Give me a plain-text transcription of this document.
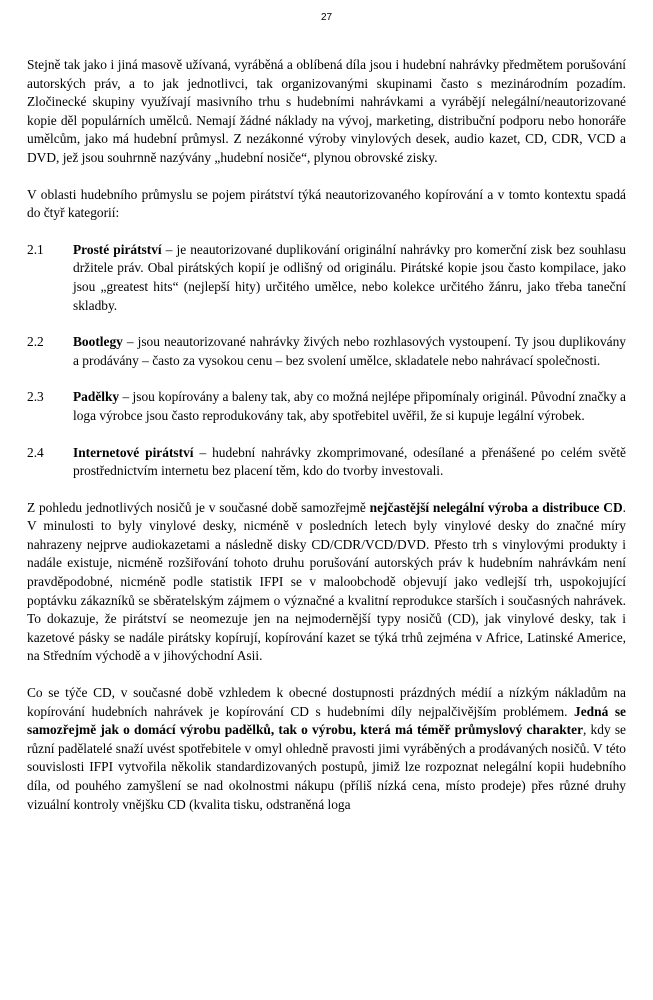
27

Stejně tak jako i jiná masově užívaná, vyráběná a oblíbená díla jsou i hudební nahrávky předmětem porušování autorských práv, a to jak jednotlivci, tak organizovanými skupinami často s mezinárodním pozadím. Zločinecké skupiny využívají masivního trhu s hudebními nahrávkami a vyrábějí nelegální/neautorizované kopie děl populárních umělců. Nemají žádné náklady na vývoj, marketing, distribuční podporu nebo honoráře umělcům, jako má hudební průmysl. Z nezákonné výroby vinylových desek, audio kazet, CD, CDR, VCD a DVD, jež jsou souhrnně nazývány „hudební nosiče“, plynou obrovské zisky.

V oblasti hudebního průmyslu se pojem pirátství týká neautorizovaného kopírování a v tomto kontextu spadá do čtyř kategorií:

2.1	Prosté pirátství – je neautorizované duplikování originální nahrávky pro komerční zisk bez souhlasu držitele práv. Obal pirátských kopií je odlišný od originálu. Pirátské kopie jsou často kompilace, jako jsou „greatest hits“ (nejlepší hity) určitého umělce, nebo kolekce určitého žánru, jako třeba taneční skladby.
2.2	Bootlegy – jsou neautorizované nahrávky živých nebo rozhlasových vystoupení. Ty jsou duplikovány a prodávány – často za vysokou cenu – bez svolení umělce, skladatele nebo nahrávací společnosti.
2.3	Padělky – jsou kopírovány a baleny tak, aby co možná nejlépe připomínaly originál. Původní značky a loga výrobce jsou často reprodukovány tak, aby spotřebitel uvěřil, že si kupuje legální výrobek.
2.4	Internetové pirátství – hudební nahrávky zkomprimované, odesílané a přenášené po celém světě prostřednictvím internetu bez placení těm, kdo do tvorby investovali.

Z pohledu jednotlivých nosičů je v současné době samozřejmě nejčastější nelegální výroba a distribuce CD. V minulosti to byly vinylové desky, nicméně v posledních letech byly vinylové desky do značné míry nahrazeny nejprve audiokazetami a následně disky CD/CDR/VCD/DVD. Přesto trh s vinylovými produkty i nadále existuje, nicméně rozšiřování tohoto druhu porušování autorských práv k hudebním nahrávkám není pravděpodobné, nicméně podle statistik IFPI se v maloobchodě objevují jako vedlejší trh, uspokojující poptávku zákazníků se sběratelským zájmem o význačné a kvalitní reprodukce starších i současných nahrávek. To dokazuje, že pirátství se neomezuje jen na nejmodernější typy nosičů (CD), jak vinylové desky, tak i kazetové pásky se nadále pirátsky kopírují, kopírování kazet se týká trhů zejména v Africe, Latinské Americe, na Středním východě a v jihovýchodní Asii.

Co se týče CD, v současné době vzhledem k obecné dostupnosti prázdných médií a nízkým nákladům na kopírování hudebních nahrávek je kopírování CD s hudebními díly nejpalčivějším problémem. Jedná se samozřejmě jak o domácí výrobu padělků, tak o výrobu, která má téměř průmyslový charakter, kdy se různí padělatelé snaží uvést spotřebitele v omyl ohledně pravosti jimi vyráběných a prodávaných nosičů. V této souvislosti IFPI vytvořila několik standardizovaných postupů, jimiž lze rozpoznat nelegální kopii hudebního díla, od pouhého zamyšlení se nad okolnostmi nákupu (příliš nízká cena, místo prodeje) přes různé druhy vizuální kontroly vnějšku CD (kvalita tisku, odstraněná loga
